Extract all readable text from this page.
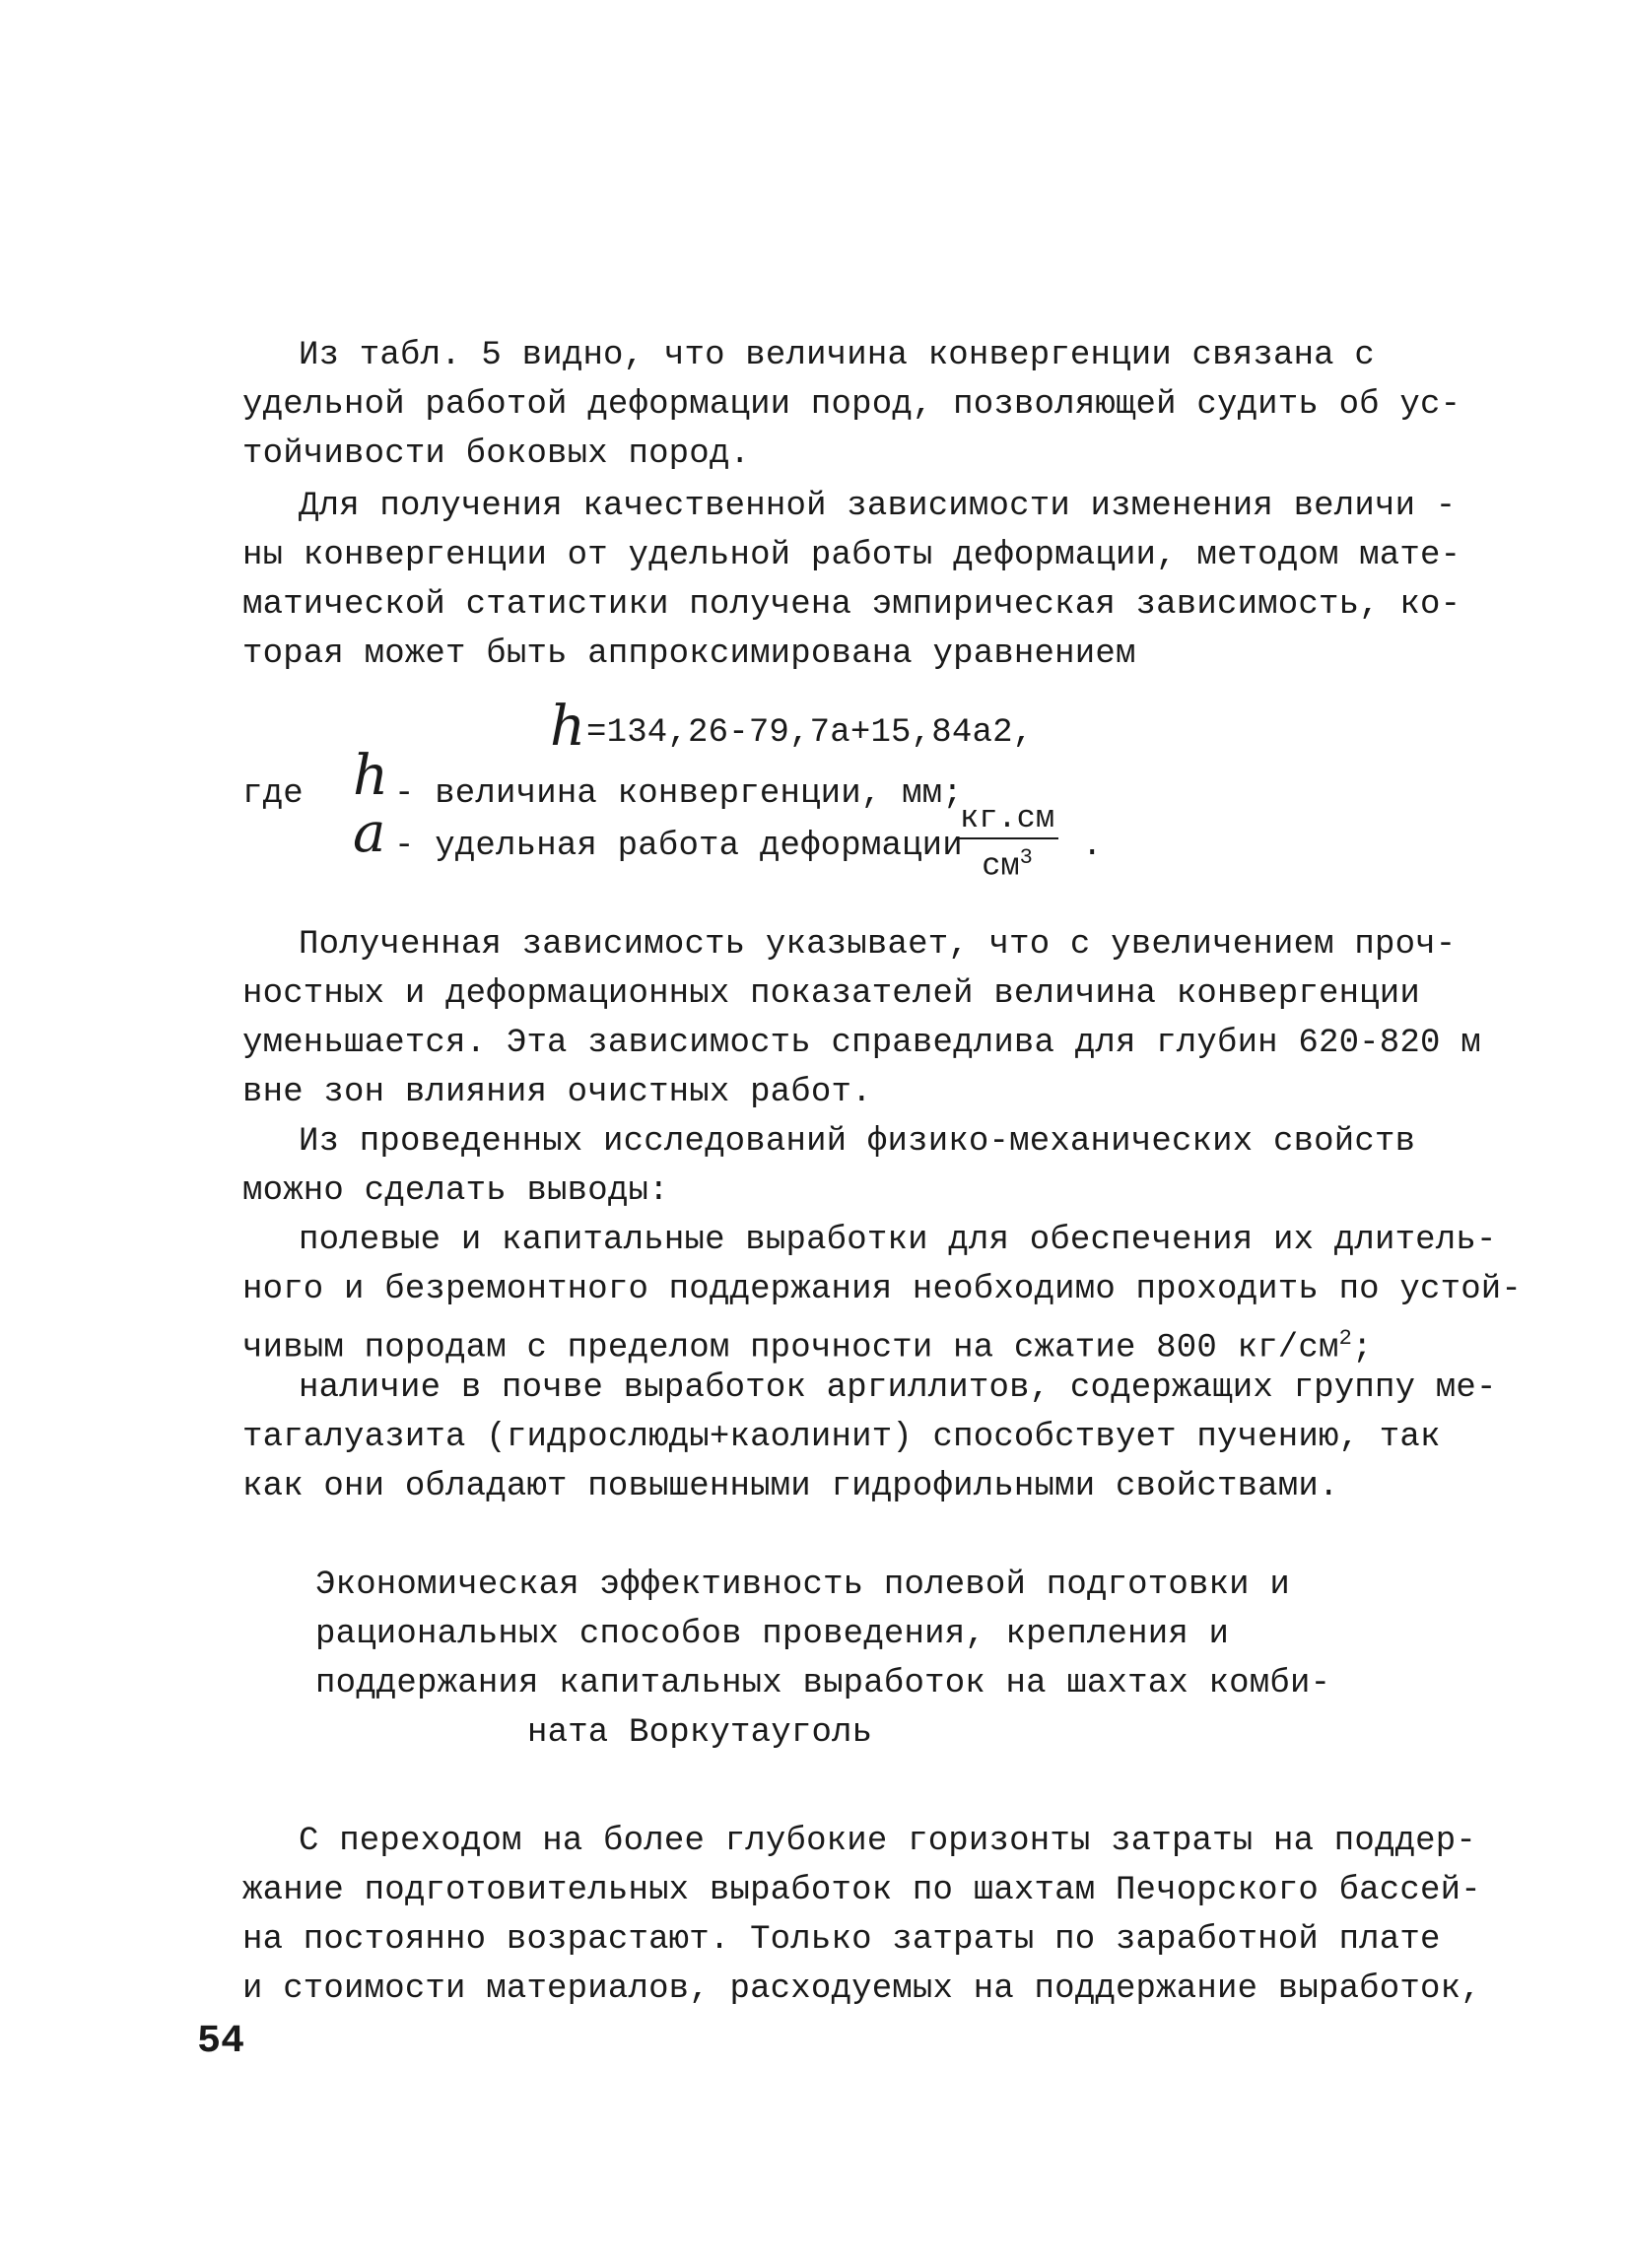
Из табл. 5 видно, что величина конвергенции связана с
удельной работой деформации пород, позволяющей судить об ус-
тойчивости боковых пород.
Для получения качественной зависимости изменения величи -
ны конвергенции от удельной работы деформации, методом мате-
матической статистики получена эмпирическая зависимость, ко-
торая может быть аппроксимирована уравнением
h =134,26-79,7a+15,84a2,
где h - величина конвергенции, мм;
a - удельная работа деформации
кг.см
$см^3$	.
Полученная зависимость указывает, что с увеличением проч-
ностных и деформационных показателей величина конвергенции
уменьшается. Эта зависимость справедлива для глубин 620-820 м
вне зон влияния очистных работ.
Из проведенных исследований физико-механических свойств
можно сделать выводы:
полевые и капитальные выработки для обеспечения их длитель-
ного и безремонтного поддержания необходимо проходить по устой-
чивым породам с пределом прочности на сжатие 800 $кг/см^2$;
наличие в почве выработок аргиллитов, содержащих группу ме-
тагалуазита (гидрослюды+каолинит) способствует пучению, так
как они обладают повышенными гидрофильными свойствами.
Экономическая эффективность полевой подготовки и
рациональных способов проведения, крепления и
поддержания капитальных выработок на шахтах комби-
ната Воркутауголь
С переходом на более глубокие горизонты затраты на поддер-
жание подготовительных выработок по шахтам Печорского бассей-
на постоянно возрастают. Только затраты по заработной плате
и стоимости материалов, расходуемых на поддержание выработок,
54
